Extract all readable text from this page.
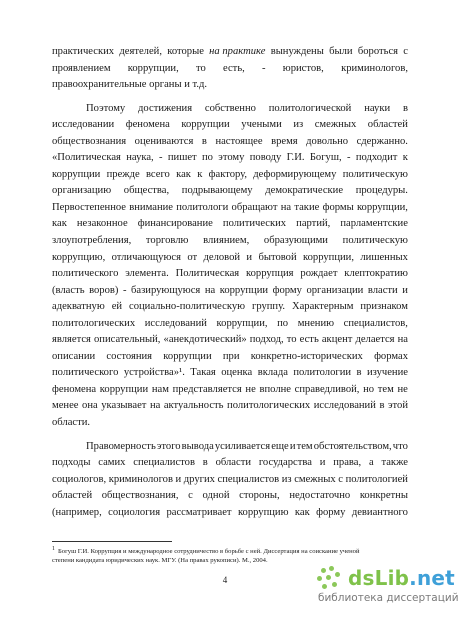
практических деятелей, которые на практике вынуждены были бороться с
проявлением коррупции, то есть, - юристов, криминологов,
правоохранительные органы и т.д.
Поэтому достижения собственно политологической науки в
исследовании феномена коррупции учеными из смежных областей
обществознания оцениваются в настоящее время довольно сдержанно.
«Политическая наука, - пишет по этому поводу Г.И. Богуш, - подходит к
коррупции прежде всего как к фактору, деформирующему политическую
организацию общества, подрывающему демократические процедуры.
Первостепенное внимание политологи обращают на такие формы коррупции,
как незаконное финансирование политических партий, парламентские
злоупотребления, торговлю влиянием, образующими политическую
коррупцию, отличающуюся от деловой и бытовой коррупции, лишенных
политического элемента. Политическая коррупция рождает клептократию
(власть воров) - базирующуюся на коррупции форму организации власти и
адекватную ей социально-политическую группу. Характерным признаком
политологических исследований коррупции, по мнению специалистов,
является описательный, «анекдотический» подход, то есть акцент делается на
описании состояния коррупции при конкретно-исторических формах
политического устройства»¹. Такая оценка вклада политологии в изучение
феномена коррупции нам представляется не вполне справедливой, но тем не
менее она указывает на актуальность политологических исследований в этой
области.
Правомерность этого вывода усиливается еще и тем обстоятельством, что
подходы самих специалистов в области государства и права, а также
социологов, криминологов и других специалистов из смежных с политологией
областей обществознания, с одной стороны, недостаточно конкретны
(например, социология рассматривает коррупцию как форму девиантного
1 Богуш Г.И. Коррупция и международное сотрудничество в борьбе с ней. Диссертация на соискание ученой
степени кандидата юридических наук. МГУ. (На правах рукописи). М., 2004.
4	dsLib.net
библиотека диссертаций
